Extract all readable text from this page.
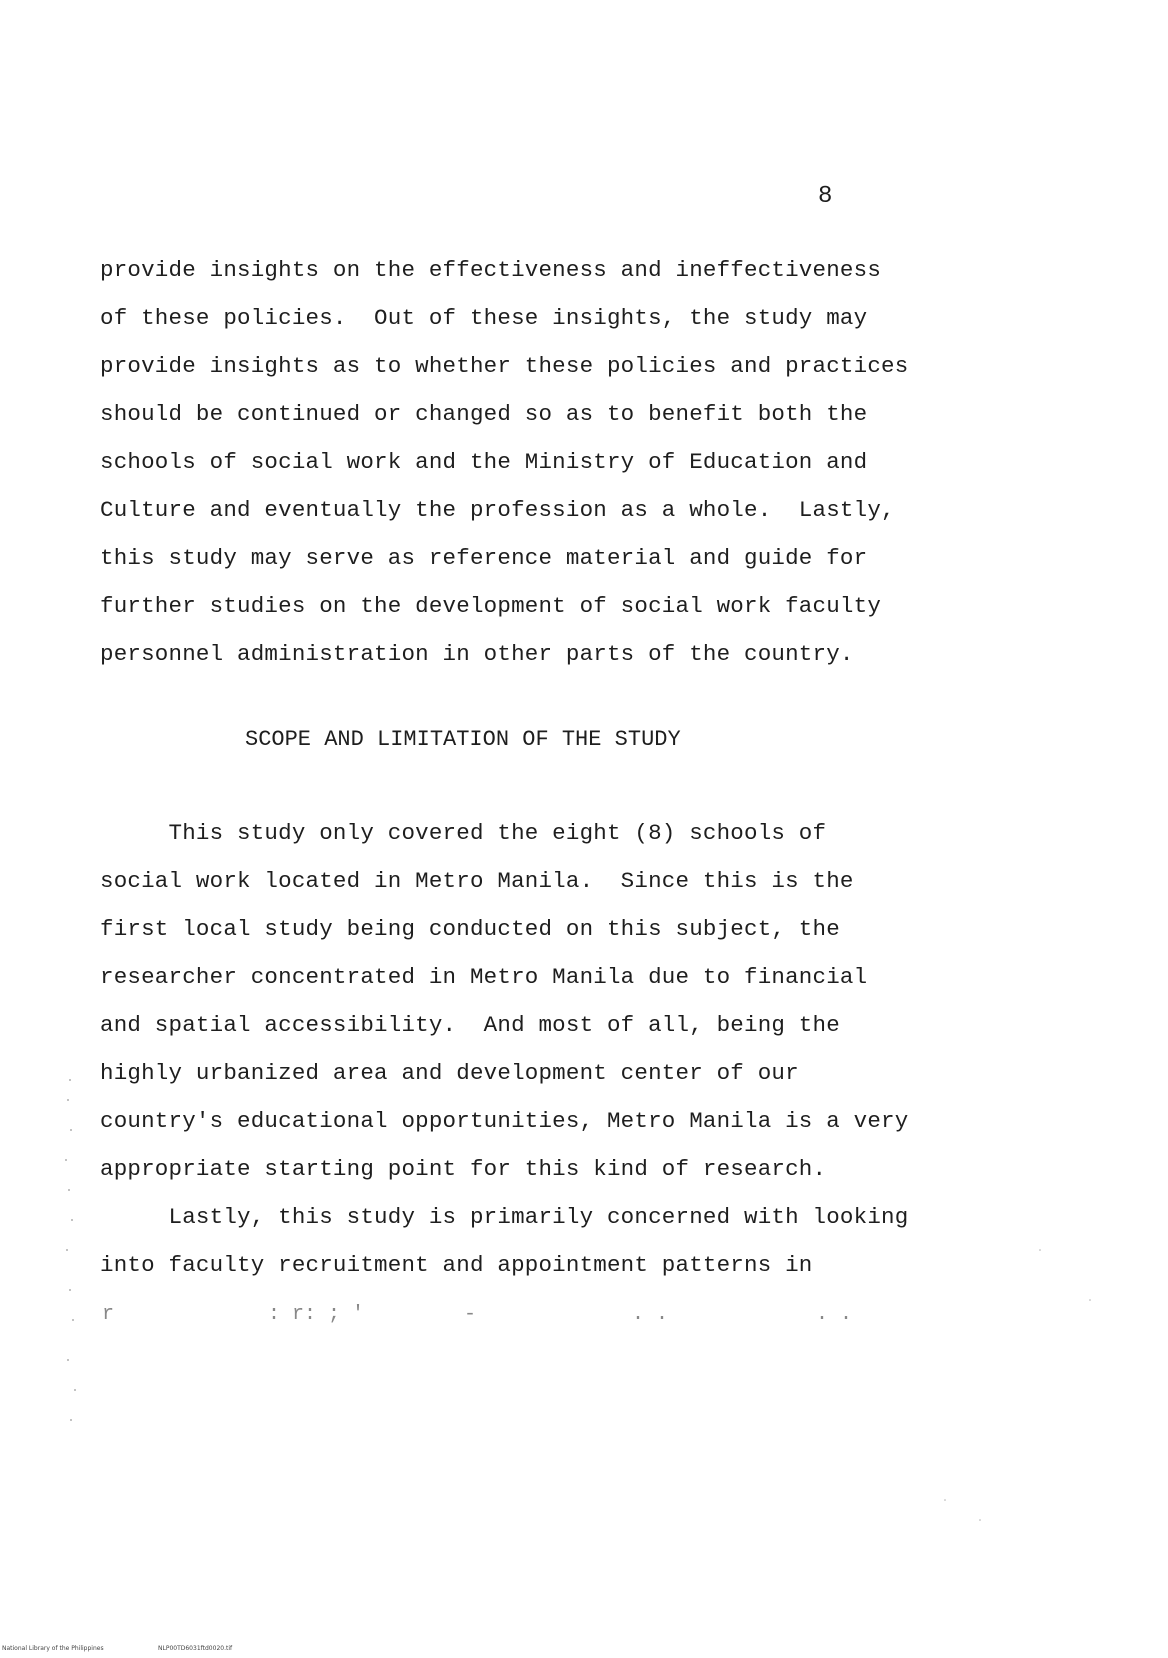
8
provide insights on the effectiveness and ineffectiveness
of these policies.  Out of these insights, the study may
provide insights as to whether these policies and practices
should be continued or changed so as to benefit both the
schools of social work and the Ministry of Education and
Culture and eventually the profession as a whole.  Lastly,
this study may serve as reference material and guide for
further studies on the development of social work faculty
personnel administration in other parts of the country.
SCOPE AND LIMITATION OF THE STUDY
This study only covered the eight (8) schools of
social work located in Metro Manila.  Since this is the
first local study being conducted on this subject, the
researcher concentrated in Metro Manila due to financial
and spatial accessibility.  And most of all, being the
highly urbanized area and development center of our
country's educational opportunities, Metro Manila is a very
appropriate starting point for this kind of research.
Lastly, this study is primarily concerned with looking
into faculty recruitment and appointment patterns in
r	: r: ; '	-	. .	. .
National Library of the Philippines	NLP00TD6031ftd0020.tif
